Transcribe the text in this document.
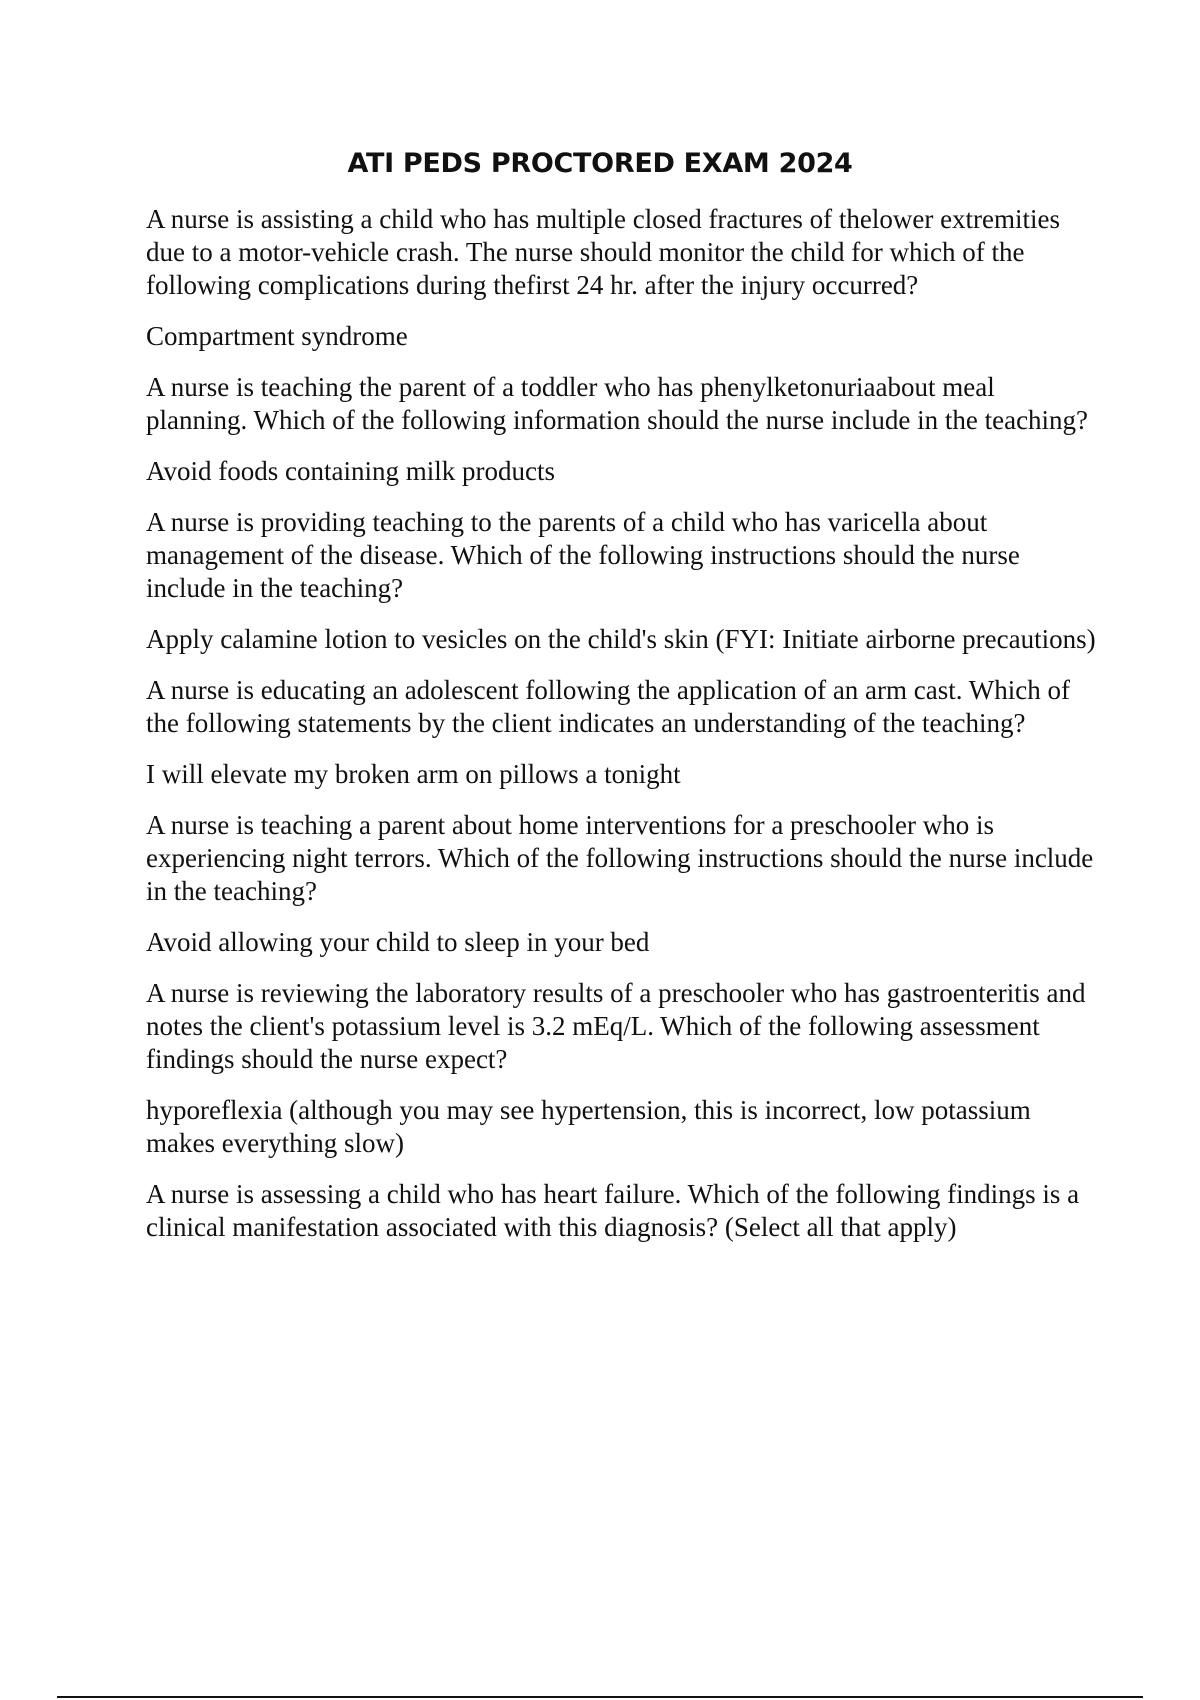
ATI PEDS PROCTORED EXAM 2024

A nurse is assisting a child who has multiple closed fractures of thelower extremities due to a motor-vehicle crash. The nurse should monitor the child for which of the following complications during thefirst 24 hr. after the injury occurred?

Compartment syndrome

A nurse is teaching the parent of a toddler who has phenylketonuriaabout meal planning. Which of the following information should the nurse include in the teaching?

Avoid foods containing milk products

A nurse is providing teaching to the parents of a child who has varicella about management of the disease. Which of the following instructions should the nurse include in the teaching?

Apply calamine lotion to vesicles on the child's skin (FYI: Initiate airborne precautions)

A nurse is educating an adolescent following the application of an arm cast. Which of the following statements by the client indicates an understanding of the teaching?

I will elevate my broken arm on pillows a tonight

A nurse is teaching a parent about home interventions for a preschooler who is experiencing night terrors. Which of the following instructions should the nurse include in the teaching?

Avoid allowing your child to sleep in your bed

A nurse is reviewing the laboratory results of a preschooler who has gastroenteritis and notes the client's potassium level is 3.2 mEq/L. Which of the following assessment findings should the nurse expect?

hyporeflexia (although you may see hypertension, this is incorrect, low potassium makes everything slow)

A nurse is assessing a child who has heart failure. Which of the following findings is a clinical manifestation associated with this diagnosis? (Select all that apply)
